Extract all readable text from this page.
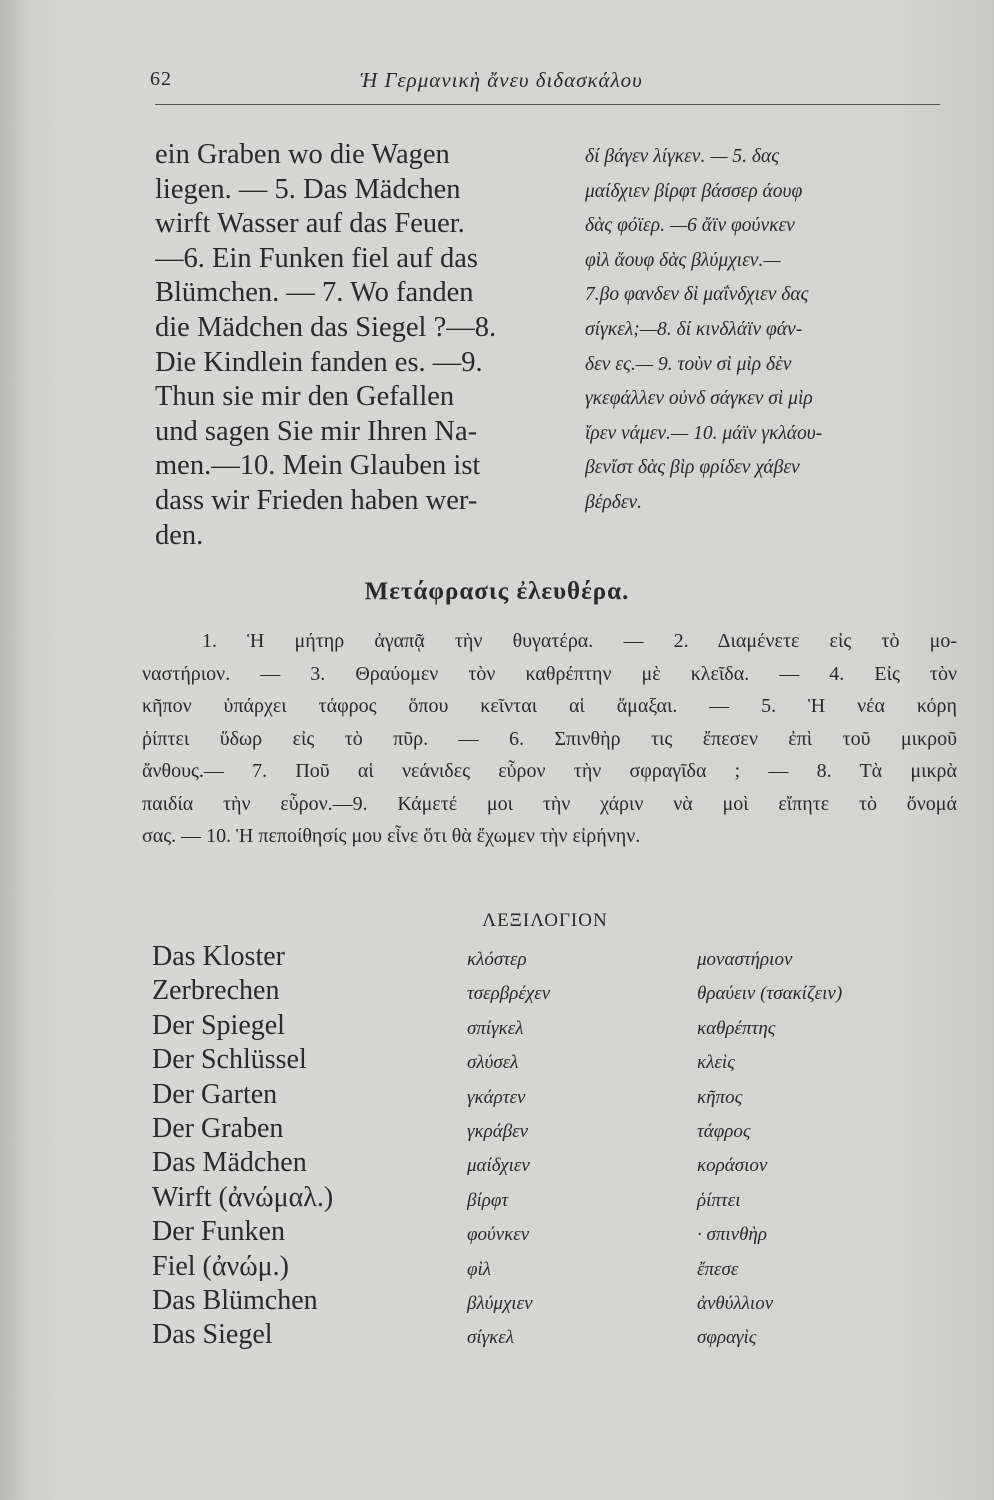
62	Ἡ Γερμανικὴ ἄνευ διδασκάλου
ein Graben wo die Wagen
liegen. — 5. Das Mädchen
wirft Wasser auf das Feuer.
—6. Ein Funken fiel auf das
Blümchen. — 7. Wo fanden
die Mädchen das Siegel ?—8.
Die Kindlein fanden es. —9.
Thun sie mir den Gefallen
und sagen Sie mir Ihren Na-
men.—10. Mein Glauben ist
dass wir Frieden haben wer-
den.
δί βάγεν λίγκεν. — 5. δας
μαίδχιεν βίρφτ βάσσερ άουφ
δὰς φόϊερ. —6 ἄϊν φούνκεν
φὶλ ἄουφ δὰς βλύμχιεν.—
7.βο φανδεν δὶ μαΐνδχιεν δας
σίγκελ;—8. δί κινδλάϊν φάν-
δεν ες.— 9. τοὺν σὶ μὶρ δὲν
γκεφάλλεν οὐνδ σάγκεν σὶ μὶρ
ἴρεν νάμεν.— 10. μάϊν γκλάου-
βενἴστ δὰς βὶρ φρίδεν χάβεν
βέρδεν.
Μετάφρασις ἐλευθέρα.
1. Ἡ μήτηρ ἀγαπᾷ τὴν θυγατέρα. — 2. Διαμένετε εἰς τὸ μο-
ναστήριον. — 3. Θραύομεν τὸν καθρέπτην μὲ κλεῖδα. — 4. Εἰς τὸν
κῆπον ὑπάρχει τάφρος ὅπου κεῖνται αἱ ἅμαξαι. — 5. Ἡ νέα κόρη
ῥίπτει ὕδωρ εἰς τὸ πῦρ. — 6. Σπινθὴρ τις ἔπεσεν ἐπὶ τοῦ μικροῦ
ἄνθους.— 7. Ποῦ αἱ νεάνιδες εὗρον τὴν σφραγῖδα ; — 8. Τὰ μικρὰ
παιδία τὴν εὗρον.—9. Κάμετέ μοι τὴν χάριν νὰ μοὶ εἴπητε τὸ ὄνομά
σας. — 10. Ἡ πεποίθησίς μου εἶνε ὅτι θὰ ἔχωμεν τὴν εἰρήνην.
ΛΕΞΙΛΟΓΙΟΝ
Das Kloster	κλόστερ	μοναστήριον
Zerbrechen	τσερβρέχεν	θραύειν (τσακίζειν)
Der Spiegel	σπίγκελ	καθρέπτης
Der Schlüssel	σλύσελ	κλεὶς
Der Garten	γκάρτεν	κῆπος
Der Graben	γκράβεν	τάφρος
Das Mädchen	μαίδχιεν	κοράσιον
Wirft (ἀνώμαλ.)	βίρφτ	ῥίπτει
Der Funken	φούνκεν	· σπινθὴρ
Fiel (ἀνώμ.)	φὶλ	ἔπεσε
Das Blümchen	βλύμχιεν	ἀνθύλλιον
Das Siegel	σίγκελ	σφραγὶς
